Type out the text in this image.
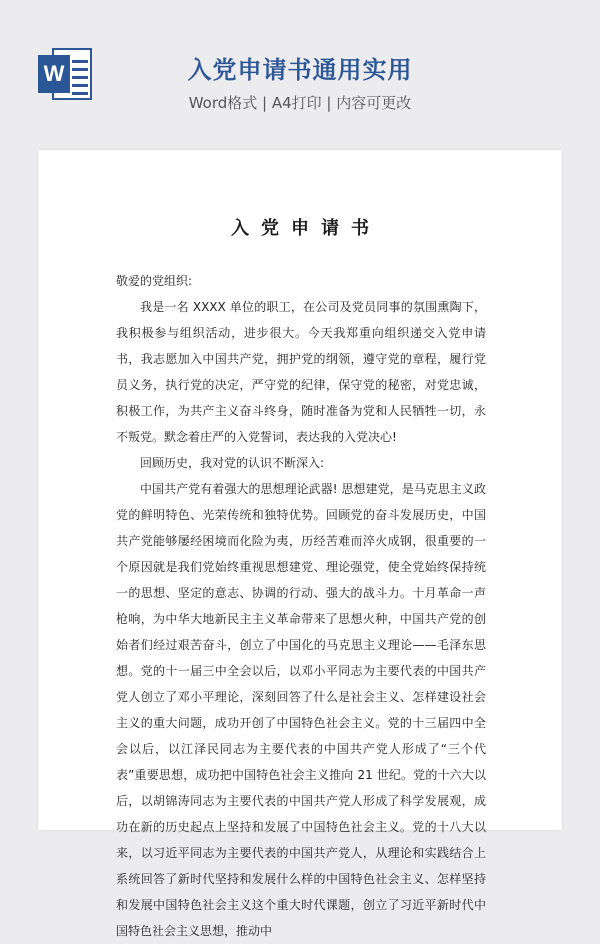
W	入党申请书通用实用

Word格式 | A4打印 | 内容可更改

入党申请书

敬爱的党组织:

我是一名 XXXX 单位的职工，在公司及党员同事的氛围熏陶下，我积极参与组织活动，进步很大。今天我郑重向组织递交入党申请书，我志愿加入中国共产党，拥护党的纲领，遵守党的章程，履行党员义务，执行党的决定，严守党的纪律，保守党的秘密，对党忠诚，积极工作，为共产主义奋斗终身，随时准备为党和人民牺牲一切，永不叛党。默念着庄严的入党誓词，表达我的入党决心!

回顾历史，我对党的认识不断深入:

中国共产党有着强大的思想理论武器! 思想建党，是马克思主义政党的鲜明特色、光荣传统和独特优势。回顾党的奋斗发展历史，中国共产党能够屡经困境而化险为夷，历经苦难而淬火成钢，很重要的一个原因就是我们党始终重视思想建党、理论强党，使全党始终保持统一的思想、坚定的意志、协调的行动、强大的战斗力。十月革命一声枪响，为中华大地新民主主义革命带来了思想火种，中国共产党的创始者们经过艰苦奋斗，创立了中国化的马克思主义理论——毛泽东思想。党的十一届三中全会以后，以邓小平同志为主要代表的中国共产党人创立了邓小平理论，深刻回答了什么是社会主义、怎样建设社会主义的重大问题，成功开创了中国特色社会主义。党的十三届四中全会以后，以江泽民同志为主要代表的中国共产党人形成了“三个代表”重要思想，成功把中国特色社会主义推向 21 世纪。党的十六大以后，以胡锦涛同志为主要代表的中国共产党人形成了科学发展观，成功在新的历史起点上坚持和发展了中国特色社会主义。党的十八大以来，以习近平同志为主要代表的中国共产党人，从理论和实践结合上系统回答了新时代坚持和发展什么样的中国特色社会主义、怎样坚持和发展中国特色社会主义这个重大时代课题，创立了习近平新时代中国特色社会主义思想，推动中
